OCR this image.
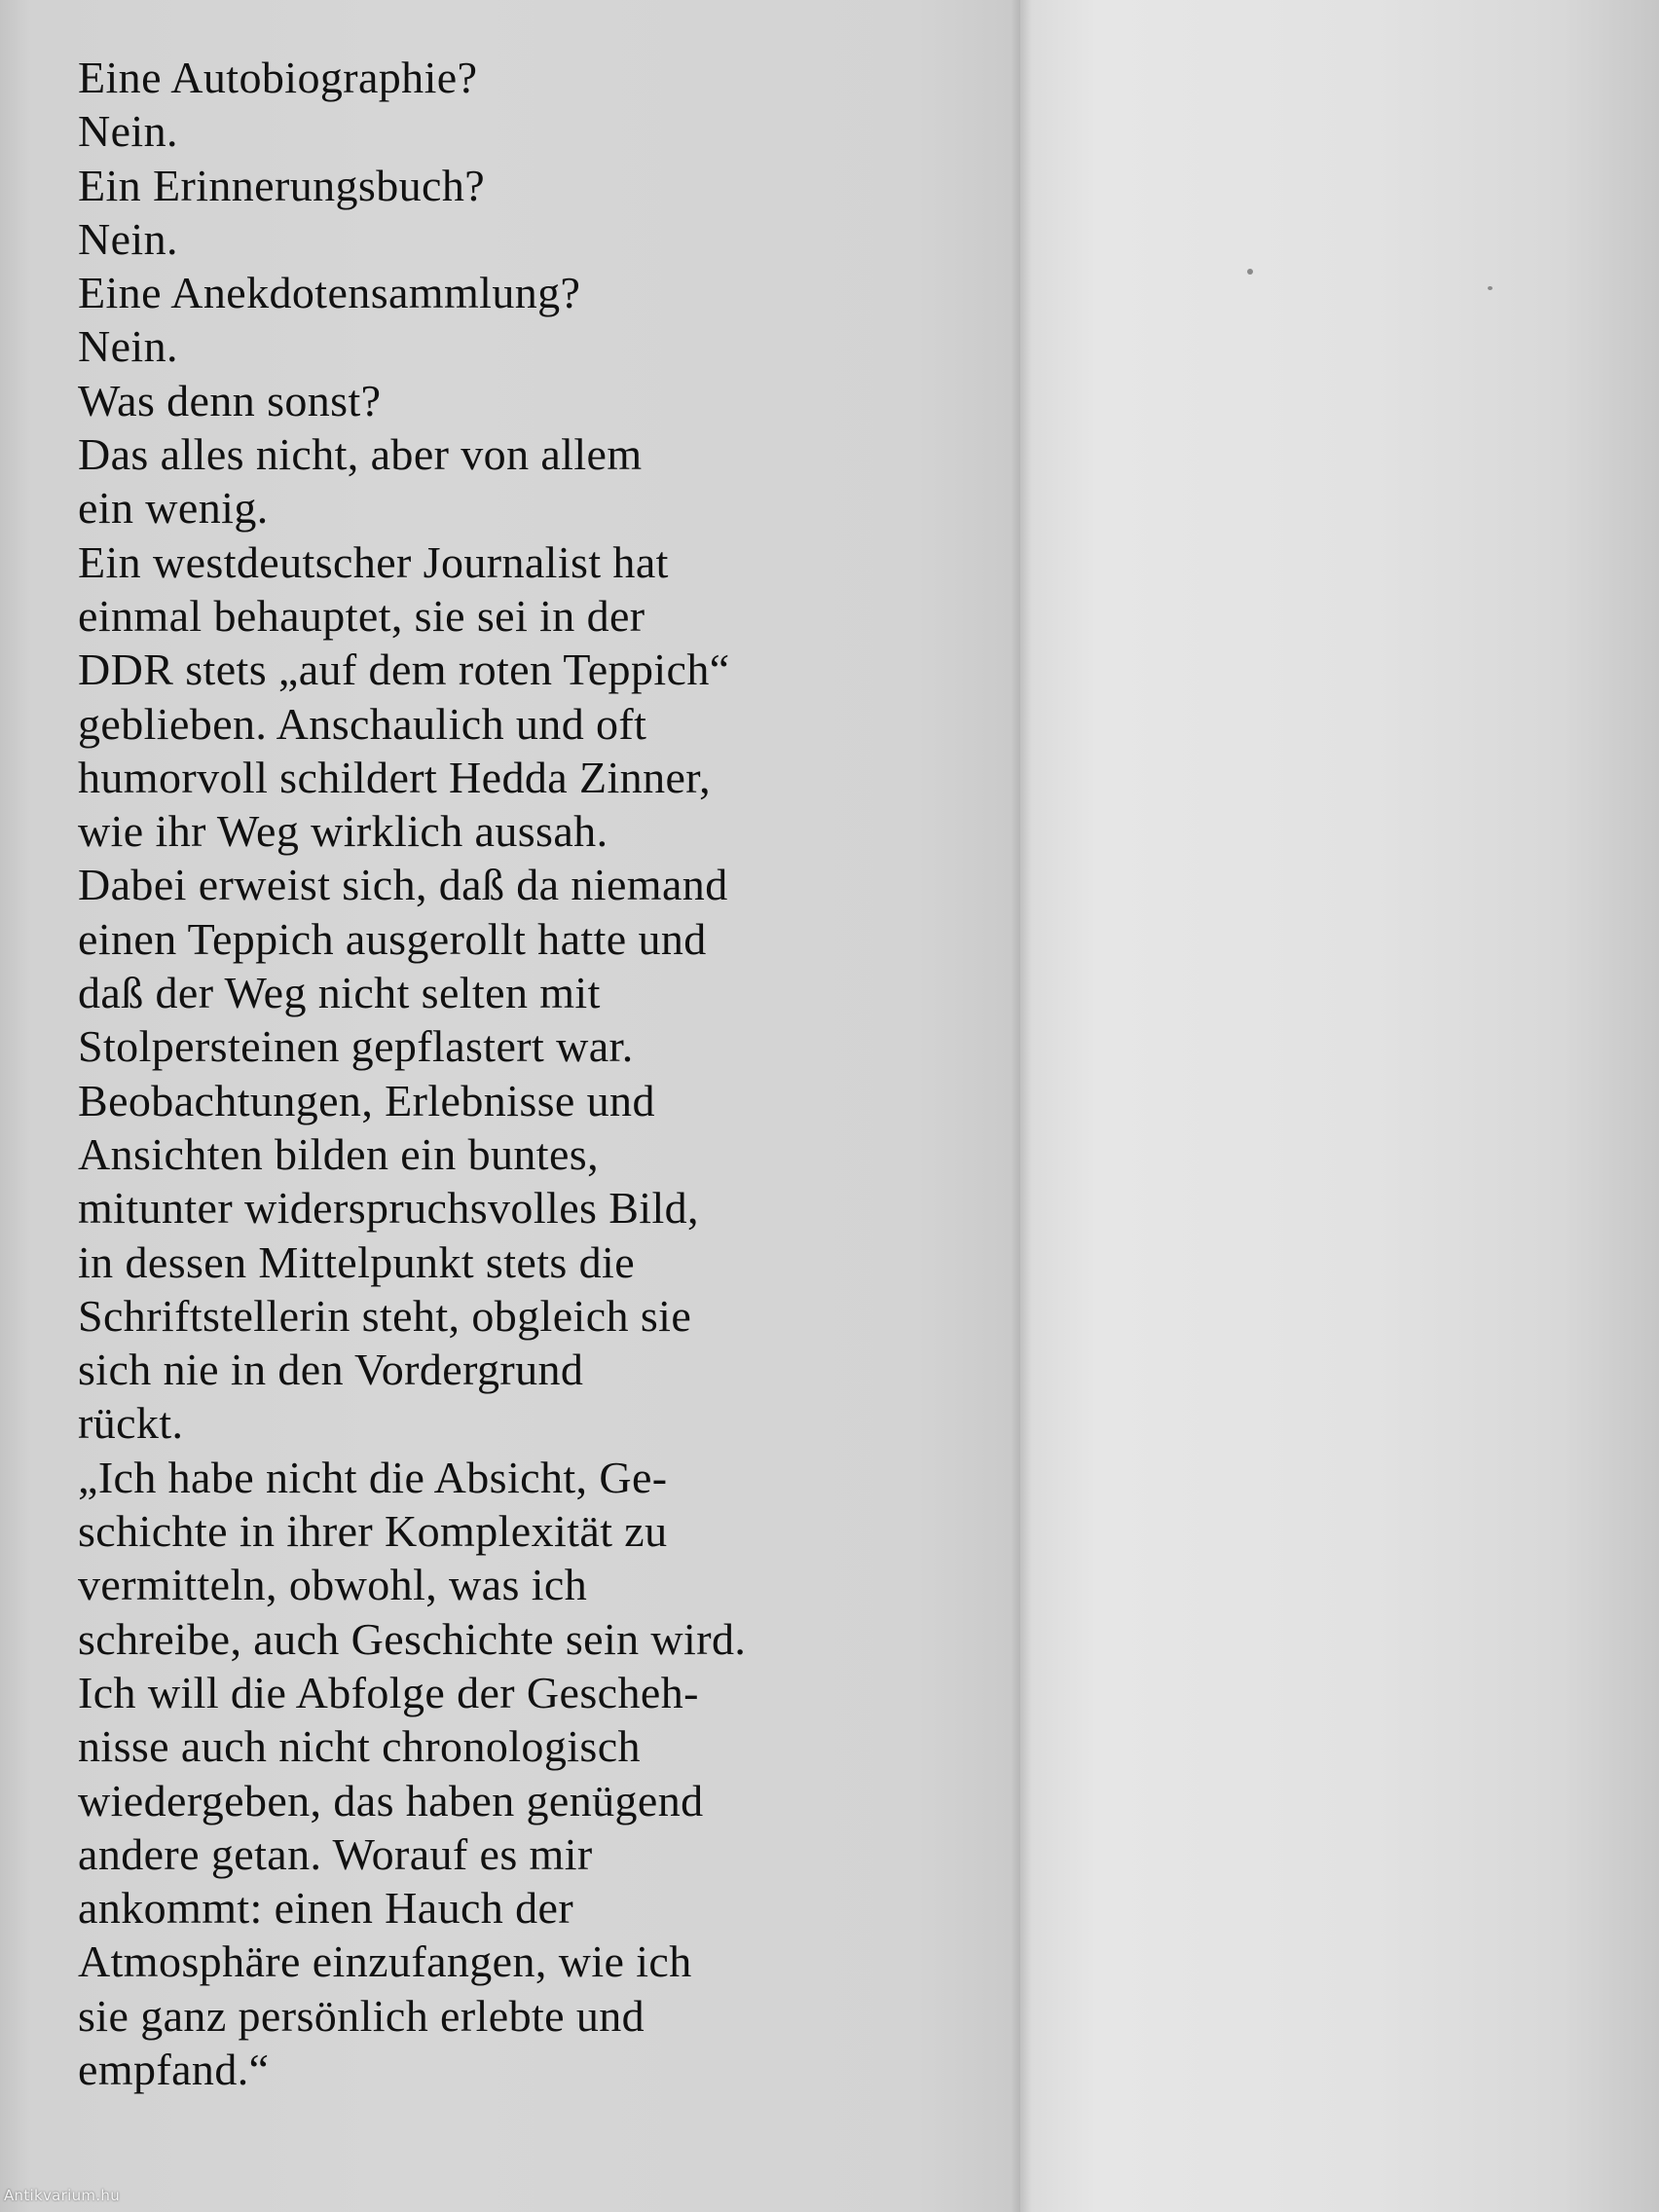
Eine Autobiographie?
Nein.
Ein Erinnerungsbuch?
Nein.
Eine Anekdotensammlung?
Nein.
Was denn sonst?
Das alles nicht, aber von allem
ein wenig.
Ein westdeutscher Journalist hat
einmal behauptet, sie sei in der
DDR stets „auf dem roten Teppich“
geblieben. Anschaulich und oft
humorvoll schildert Hedda Zinner,
wie ihr Weg wirklich aussah.
Dabei erweist sich, daß da niemand
einen Teppich ausgerollt hatte und
daß der Weg nicht selten mit
Stolpersteinen gepflastert war.
Beobachtungen, Erlebnisse und
Ansichten bilden ein buntes,
mitunter widerspruchsvolles Bild,
in dessen Mittelpunkt stets die
Schriftstellerin steht, obgleich sie
sich nie in den Vordergrund
rückt.
„Ich habe nicht die Absicht, Ge-
schichte in ihrer Komplexität zu
vermitteln, obwohl, was ich
schreibe, auch Geschichte sein wird.
Ich will die Abfolge der Gescheh-
nisse auch nicht chronologisch
wiedergeben, das haben genügend
andere getan. Worauf es mir
ankommt: einen Hauch der
Atmosphäre einzufangen, wie ich
sie ganz persönlich erlebte und
empfand.“
Antikvarium.hu
